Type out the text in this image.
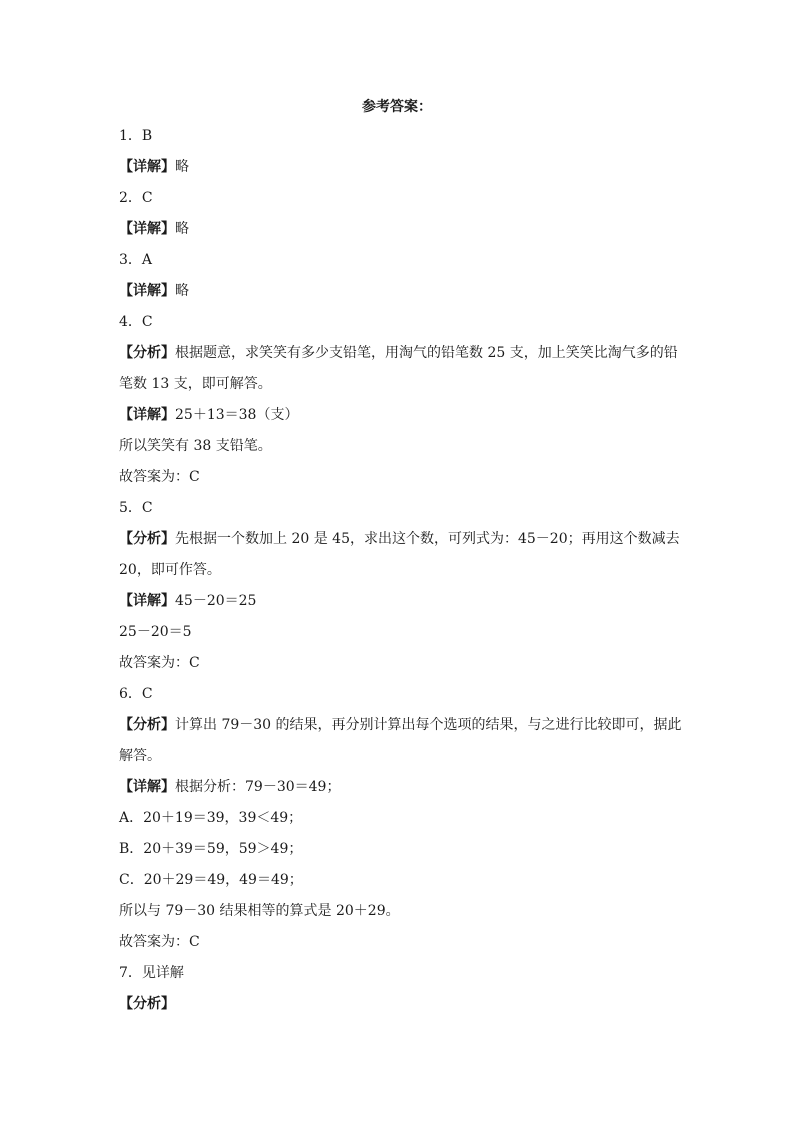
参考答案：
1．B
【详解】略
2．C
【详解】略
3．A
【详解】略
4．C
【分析】根据题意，求笑笑有多少支铅笔，用淘气的铅笔数 25 支，加上笑笑比淘气多的铅
笔数 13 支，即可解答。
【详解】25＋13＝38（支）
所以笑笑有 38 支铅笔。
故答案为：C
5．C
【分析】先根据一个数加上 20 是 45，求出这个数，可列式为：45－20；再用这个数减去
20，即可作答。
【详解】45－20＝25
25－20＝5
故答案为：C
6．C
【分析】计算出 79－30 的结果，再分别计算出每个选项的结果，与之进行比较即可，据此
解答。
【详解】根据分析：79－30＝49；
A．20＋19＝39，39＜49；
B．20＋39＝59，59＞49；
C．20＋29＝49，49＝49；
所以与 79－30 结果相等的算式是 20＋29。
故答案为：C
7．见详解
【分析】
